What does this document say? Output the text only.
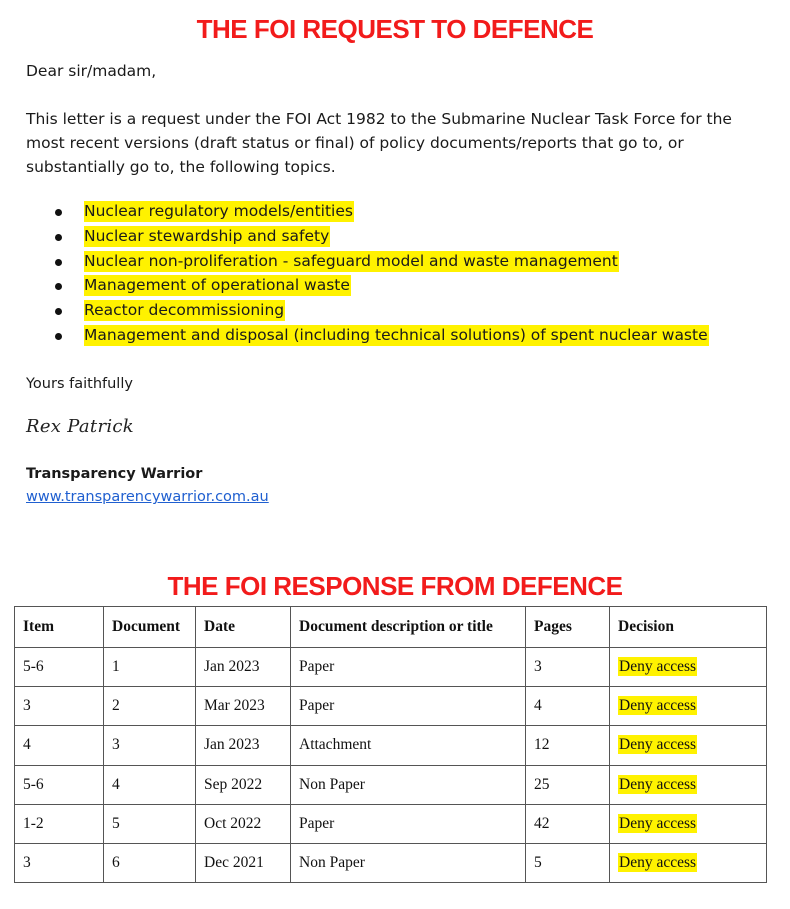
THE FOI REQUEST TO DEFENCE
Dear sir/madam,
This letter is a request under the FOI Act 1982 to the Submarine Nuclear Task Force for the most recent versions (draft status or final) of policy documents/reports that go to, or substantially go to, the following topics.
Nuclear regulatory models/entities
Nuclear stewardship and safety
Nuclear non-proliferation - safeguard model and waste management
Management of operational waste
Reactor decommissioning
Management and disposal (including technical solutions) of spent nuclear waste
Yours faithfully
Rex Patrick
Transparency Warrior
www.transparencywarrior.com.au
THE FOI RESPONSE FROM DEFENCE
Item	Document	Date	Document description or title	Pages	Decision
5-6	1	Jan 2023	Paper	3	Deny access
3	2	Mar 2023	Paper	4	Deny access
4	3	Jan 2023	Attachment	12	Deny access
5-6	4	Sep 2022	Non Paper	25	Deny access
1-2	5	Oct 2022	Paper	42	Deny access
3	6	Dec 2021	Non Paper	5	Deny access
